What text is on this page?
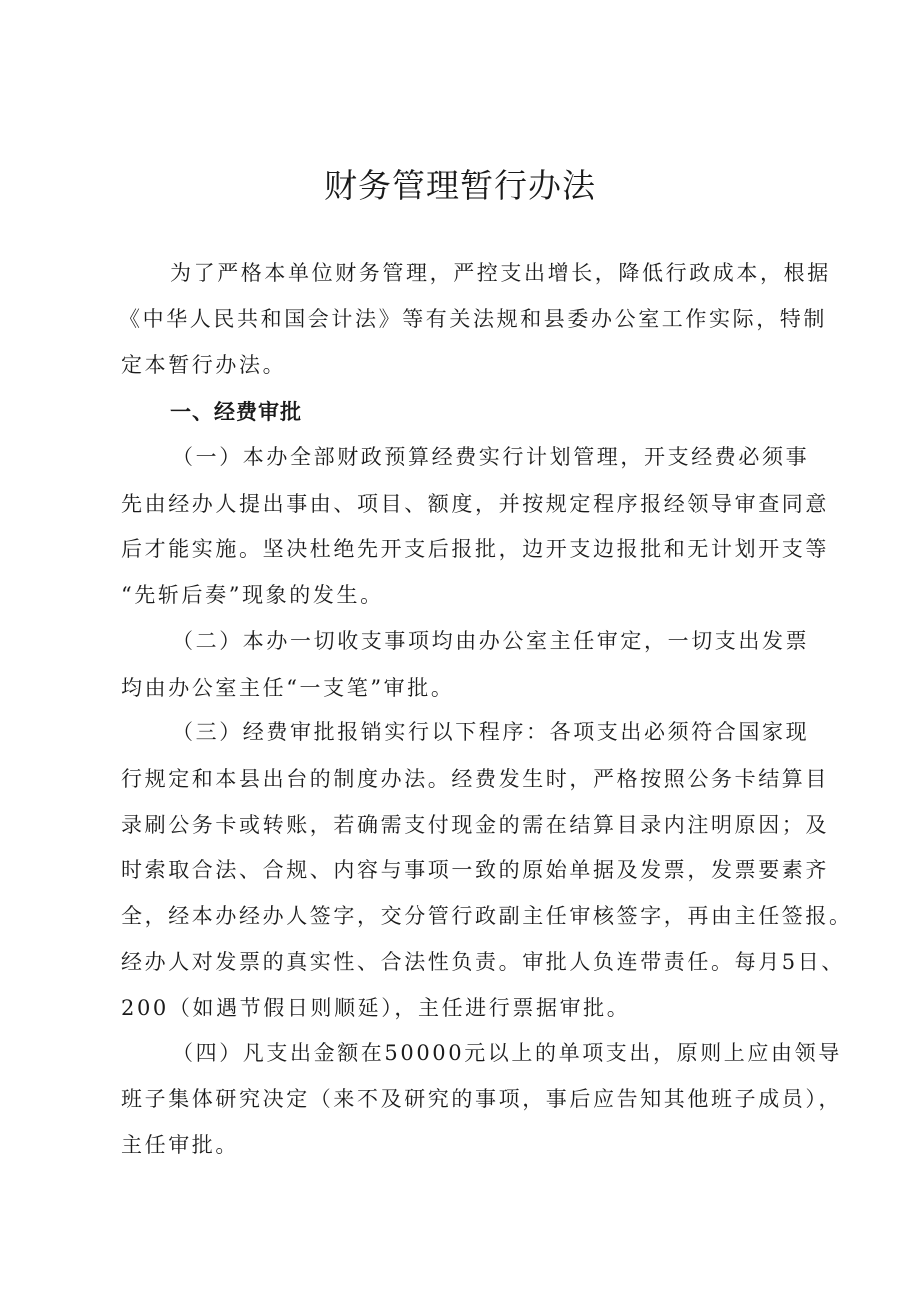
财务管理暂行办法
为了严格本单位财务管理，严控支出增长，降低行政成本，根据
《中华人民共和国会计法》等有关法规和县委办公室工作实际，特制
定本暂行办法。
一、经费审批
（一）本办全部财政预算经费实行计划管理，开支经费必须事
先由经办人提出事由、项目、额度，并按规定程序报经领导审查同意
后才能实施。坚决杜绝先开支后报批，边开支边报批和无计划开支等
“先斩后奏”现象的发生。
（二）本办一切收支事项均由办公室主任审定，一切支出发票
均由办公室主任“一支笔”审批。
（三）经费审批报销实行以下程序：各项支出必须符合国家现
行规定和本县出台的制度办法。经费发生时，严格按照公务卡结算目
录刷公务卡或转账，若确需支付现金的需在结算目录内注明原因；及
时索取合法、合规、内容与事项一致的原始单据及发票，发票要素齐
全，经本办经办人签字，交分管行政副主任审核签字，再由主任签报。
经办人对发票的真实性、合法性负责。审批人负连带责任。每月5日、
200（如遇节假日则顺延），主任进行票据审批。
（四）凡支出金额在50000元以上的单项支出，原则上应由领导
班子集体研究决定（来不及研究的事项，事后应告知其他班子成员），
主任审批。
